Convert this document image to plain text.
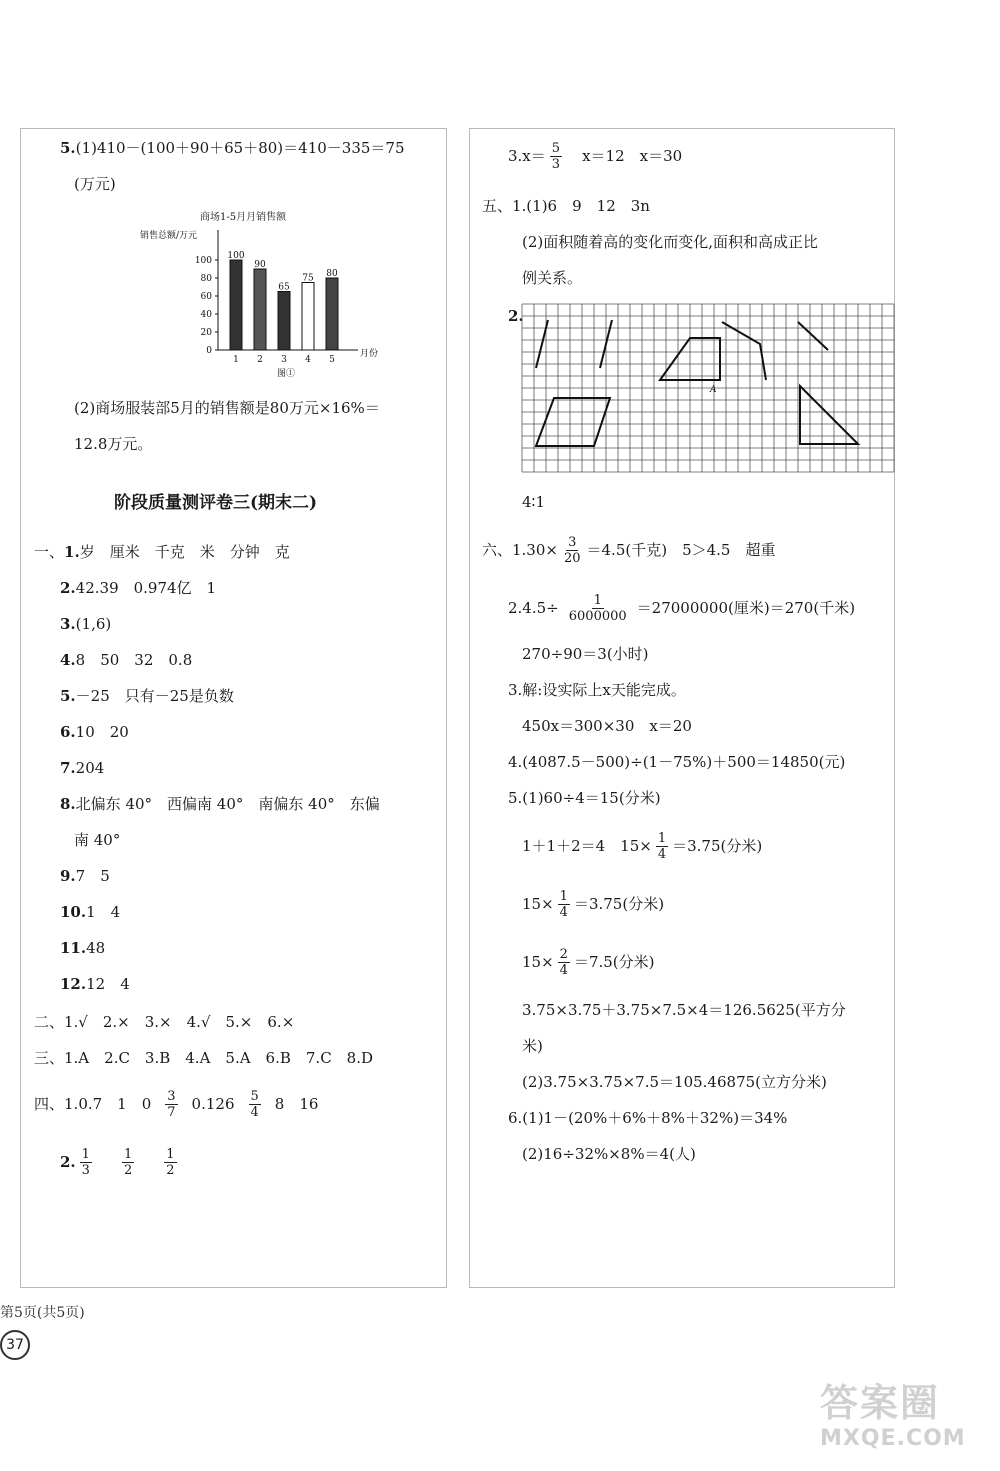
5.(1)410－(100＋90＋65＋80)＝410－335＝75
(万元)
商场1-5月月销售额
销售总额/万元
0
20
40
60
80
100 100
1
90
2
65
3
75
4
80
5
月份
图①
(2)商场服装部5月的销售额是80万元×16%＝
12.8万元。
阶段质量测评卷三(期末二)
一、1.岁　厘米　千克　米　分钟　克
2.42.39　0.974亿　1
3.(1,6)
4.8　50　32　0.8
5.－25　只有－25是负数
6.10　20
7.204
8.北偏东 40°　西偏南 40°　南偏东 40°　东偏
南 40°
9.7　5
10.1　4
11.48
12.12　4
二、1.√　2.×　3.×　4.√　5.×　6.×
三、1.A　2.C　3.B　4.A　5.A　6.B　7.C　8.D
四、1. 0.7　1　$0 \frac{3}{7} 0.126 \frac{5}{4} 8$　16
2. $\frac{1}{3} \frac{1}{2} \frac{1}{2}$
$3.x= \frac{5}{3} x=12$　x＝30
五、1.(1)6　9　12　3n
(2)面积随着高的变化而变化,面积和高成正比
例关系。
2.
A
4∶1
六、$1.30\times \frac{3}{20} =4.5$(千克)　5＞4.5　超重
$2.4.5\div \frac{1}{6000000} =27000000$(厘米)＝270(千米)
270÷90＝3(小时)
3.解:设实际上x天能完成。
450x＝300×30　x＝20
4.(4087.5－500)÷(1－75%)＋500＝14850(元)
5.(1)60÷4＝15(分米)
1＋1＋2＝4　$15\times \frac{1}{4} =3.75$(分米)
$15\times \frac{1}{4} =3.75$(分米)
$15\times \frac{2}{4} =7.5$(分米)
3.75×3.75＋3.75×7.5×4＝126.5625(平方分
米)
(2)3.75×3.75×7.5＝105.46875(立方分米)
6.(1)1－(20%＋6%＋8%＋32%)＝34%
(2)16÷32%×8%＝4(人)
第5页(共5页)
37
答案圈
MXQE.COM
